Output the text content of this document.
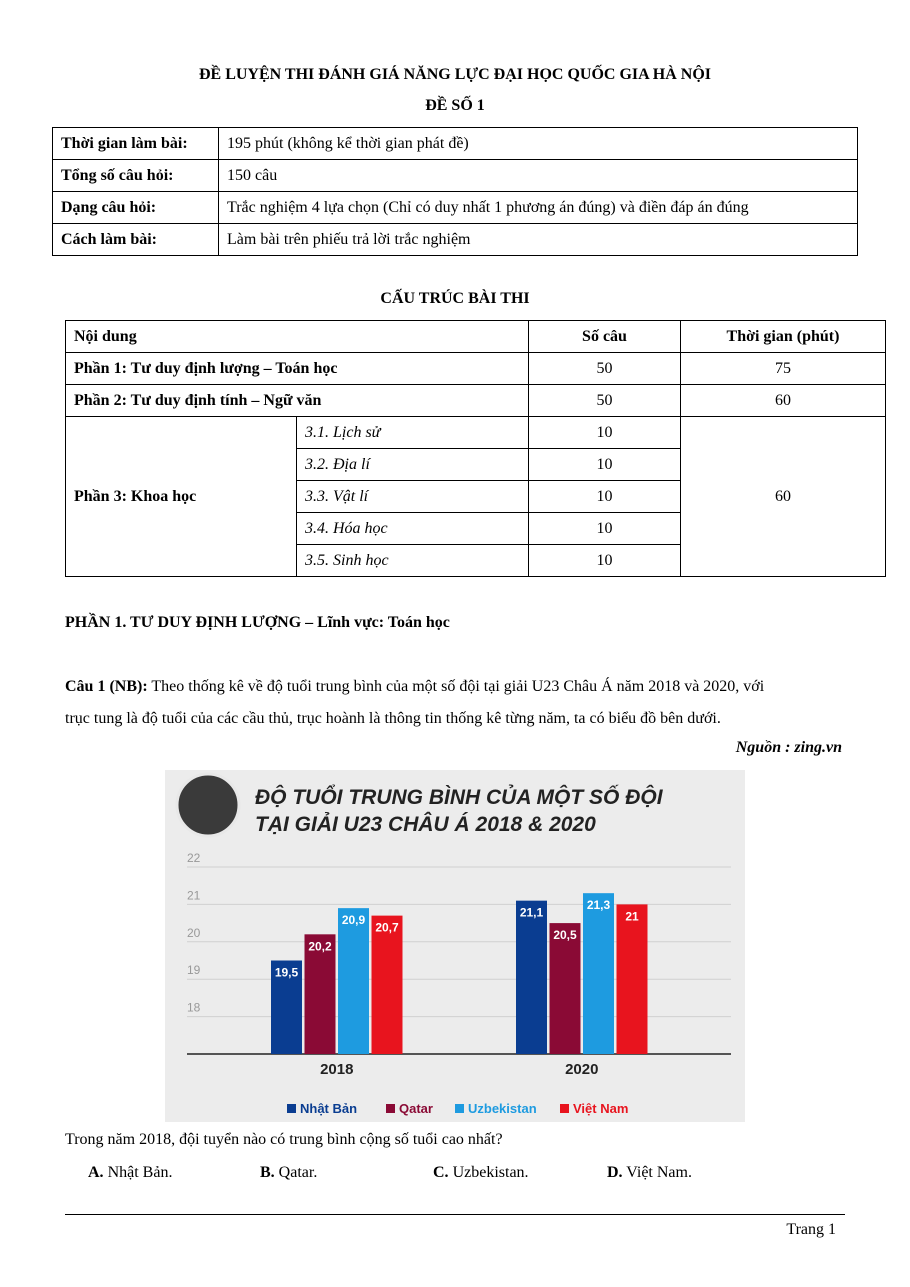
ĐỀ LUYỆN THI ĐÁNH GIÁ NĂNG LỰC ĐẠI HỌC QUỐC GIA HÀ NỘI
ĐỀ SỐ 1
Thời gian làm bài:	195 phút (không kể thời gian phát đề)
Tổng số câu hỏi:	150 câu
Dạng câu hỏi:	Trắc nghiệm 4 lựa chọn (Chỉ có duy nhất 1 phương án đúng) và điền đáp án đúng
Cách làm bài:	Làm bài trên phiếu trả lời trắc nghiệm
CẤU TRÚC BÀI THI
Nội dung		Số câu	Thời gian (phút)
Phần 1: Tư duy định lượng – Toán học		50	75
Phần 2: Tư duy định tính – Ngữ văn		50	60
Phần 3: Khoa học	3.1. Lịch sử	10	60
	3.2. Địa lí	10	
	3.3. Vật lí	10	
	3.4. Hóa học	10	
	3.5. Sinh học	10	
PHẦN 1. TƯ DUY ĐỊNH LƯỢNG – Lĩnh vực: Toán học
Câu 1 (NB): Theo thống kê về độ tuổi trung bình của một số đội tại giải U23 Châu Á năm 2018 và 2020, với
trục tung là độ tuổi của các cầu thủ, trục hoành là thông tin thống kê từng năm, ta có biểu đồ bên dưới.
Nguồn : zing.vn
ĐỘ TUỔI TRUNG BÌNH CỦA MỘT SỐ ĐỘI
TẠI GIẢI U23 CHÂU Á 2018 & 2020
22
21
20
19
18
19,5
20,2
20,9
20,7
2018
21,1
20,5
21,3
21
2020
Nhật Bản	Qatar	Uzbekistan	Việt Nam
Trong năm 2018, đội tuyển nào có trung bình cộng số tuổi cao nhất?
A. Nhật Bản.	B. Qatar.	C. Uzbekistan.	D. Việt Nam.
Trang 1
